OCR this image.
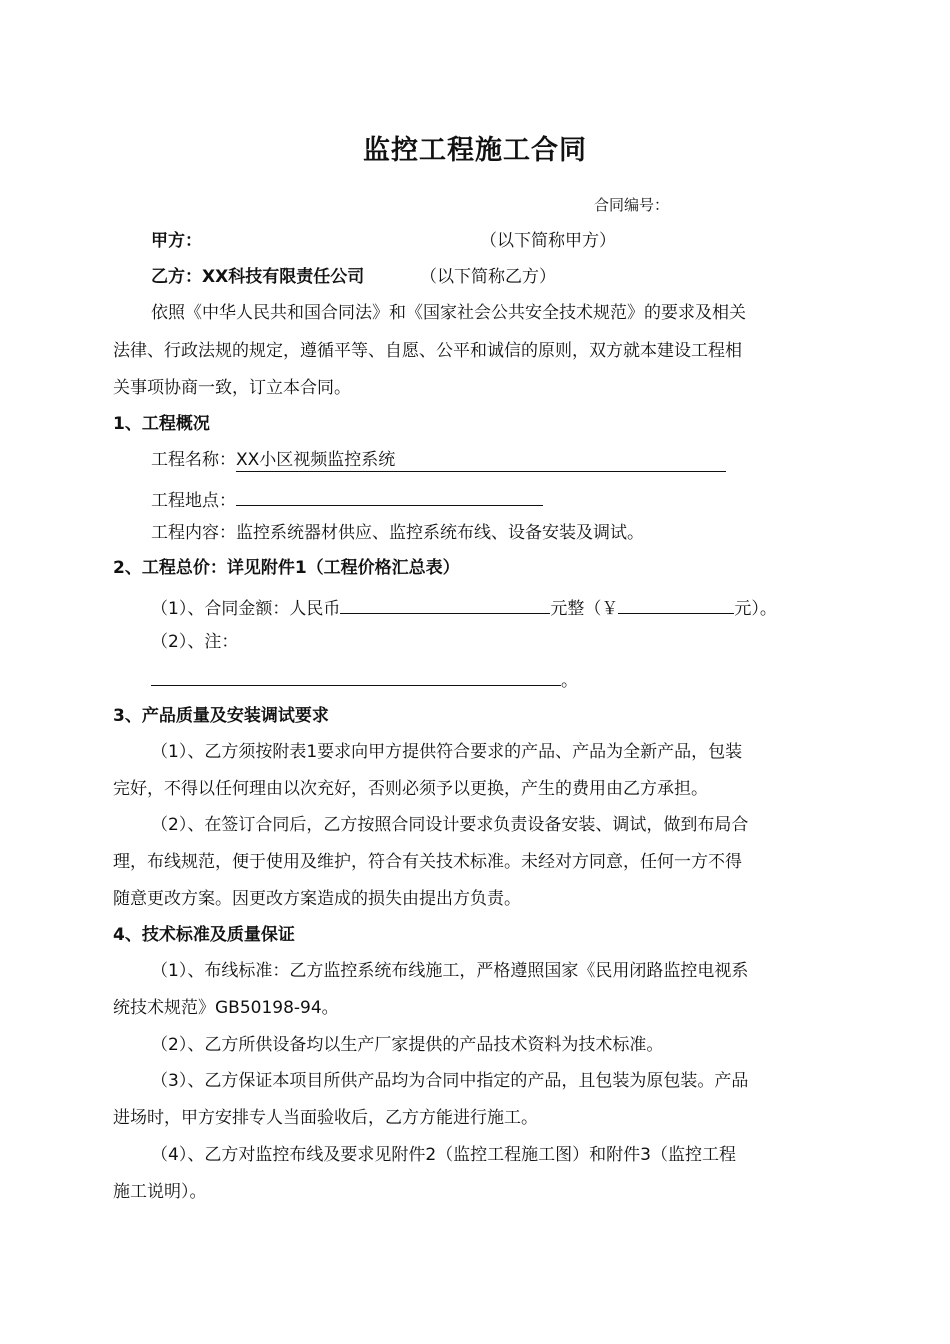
监控工程施工合同
合同编号：
甲方：	（以下简称甲方）
乙方：XX科技有限责任公司	（以下简称乙方）
依照《中华人民共和国合同法》和《国家社会公共安全技术规范》的要求及相关
法律、行政法规的规定，遵循平等、自愿、公平和诚信的原则，双方就本建设工程相
关事项协商一致，订立本合同。
1、工程概况
工程名称：XX小区视频监控系统
工程地点：
工程内容：监控系统器材供应、监控系统布线、设备安装及调试。
2、工程总价：详见附件1（工程价格汇总表）
（1）、合同金额：人民币	元整（￥	元）。
（2）、注：
。
3、产品质量及安装调试要求
（1）、乙方须按附表1要求向甲方提供符合要求的产品、产品为全新产品，包装
完好，不得以任何理由以次充好，否则必须予以更换，产生的费用由乙方承担。
（2）、在签订合同后，乙方按照合同设计要求负责设备安装、调试，做到布局合
理，布线规范，便于使用及维护，符合有关技术标准。未经对方同意，任何一方不得
随意更改方案。因更改方案造成的损失由提出方负责。
4、技术标准及质量保证
（1）、布线标准：乙方监控系统布线施工，严格遵照国家《民用闭路监控电视系
统技术规范》GB50198-94。
（2）、乙方所供设备均以生产厂家提供的产品技术资料为技术标准。
（3）、乙方保证本项目所供产品均为合同中指定的产品，且包装为原包装。产品
进场时，甲方安排专人当面验收后，乙方方能进行施工。
（4）、乙方对监控布线及要求见附件2（监控工程施工图）和附件3（监控工程
施工说明）。
